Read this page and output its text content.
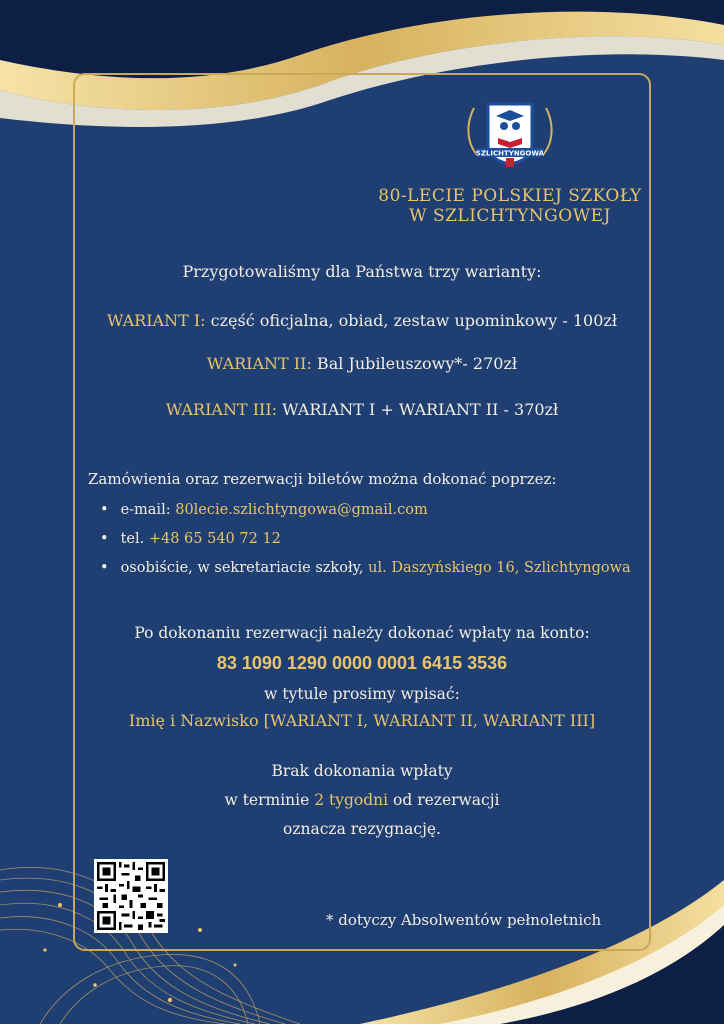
SZLICHTYNGOWA
80-LECIE POLSKIEJ SZKOŁY
W SZLICHTYNGOWEJ
Przygotowaliśmy dla Państwa trzy warianty:
WARIANT I: część oficjalna, obiad, zestaw upominkowy - 100zł
WARIANT II: Bal Jubileuszowy*- 270zł
WARIANT III: WARIANT I + WARIANT II - 370zł
Zamówienia oraz rezerwacji biletów można dokonać poprzez:
• e-mail: 80lecie.szlichtyngowa@gmail.com
• tel. +48 65 540 72 12
• osobiście, w sekretariacie szkoły, ul. Daszyńskiego 16, Szlichtyngowa
Po dokonaniu rezerwacji należy dokonać wpłaty na konto:
83 1090 1290 0000 0001 6415 3536
w tytule prosimy wpisać:
Imię i Nazwisko [WARIANT I, WARIANT II, WARIANT III]
Brak dokonania wpłaty
w terminie 2 tygodni od rezerwacji
oznacza rezygnację.
* dotyczy Absolwentów pełnoletnich
